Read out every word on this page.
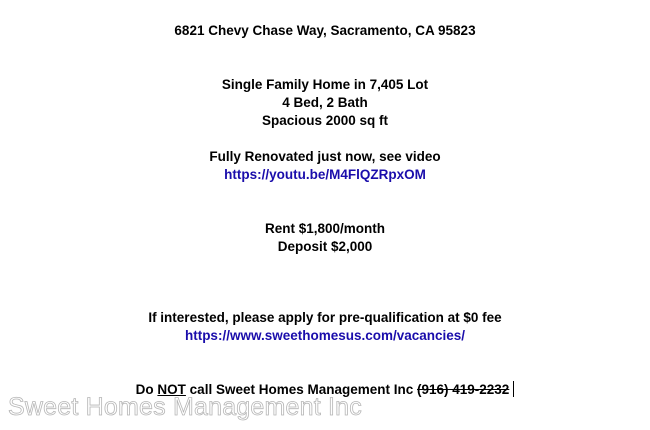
6821 Chevy Chase Way, Sacramento, CA 95823
Single Family Home in 7,405 Lot
4 Bed, 2 Bath
Spacious 2000 sq ft
Fully Renovated just now, see video
https://youtu.be/M4FlQZRpxOM
Rent $1,800/month
Deposit $2,000
If interested, please apply for pre-qualification at $0 fee
https://www.sweethomesus.com/vacancies/
Do NOT call Sweet Homes Management Inc (916) 419-2232
Sweet Homes Management Inc
